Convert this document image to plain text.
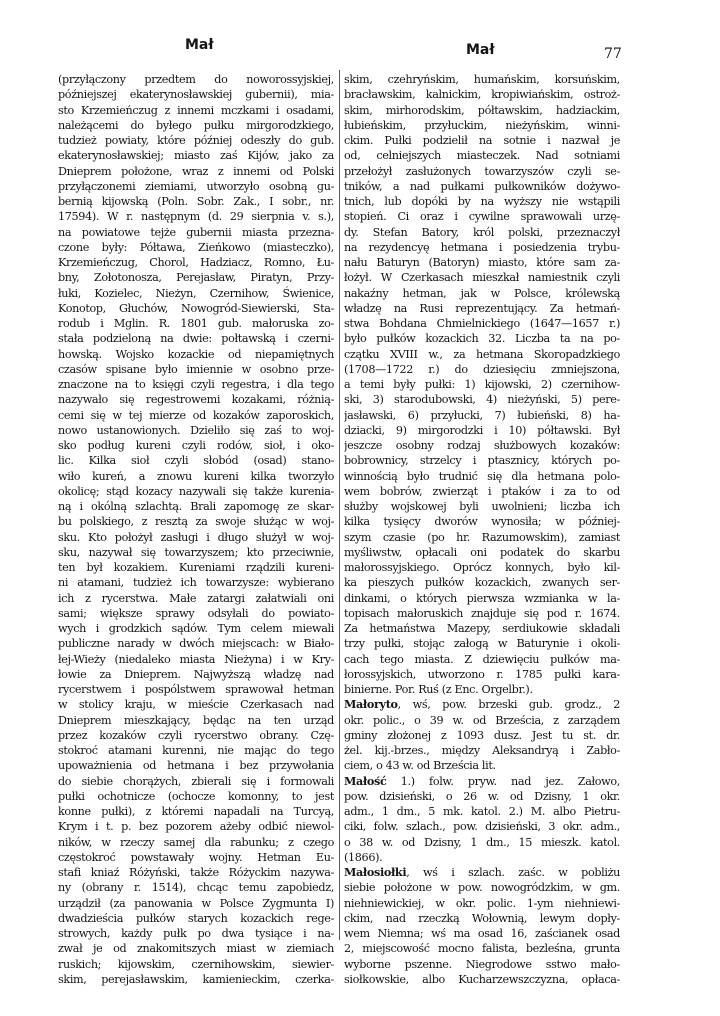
Mał	Mał	77
(przyłączony przedtem do noworossyjskiej,
późniejszej ekaterynosławskiej gubernii), mia-
sto Krzemieńczug z innemi mczkami i osadami,
należącemi do byłego pułku mirgorodzkiego,
tudzież powiaty, które później odeszły do gub.
ekaterynosławskiej; miasto zaś Kijów, jako za
Dnieprem położone, wraz z innemi od Polski
przyłączonemi ziemiami, utworzyło osobną gu-
bernią kijowską (Poln. Sobr. Zak., I sobr., nr.
17594). W r. następnym (d. 29 sierpnia v. s.),
na powiatowe tejże gubernii miasta przezna-
czone były: Półtawa, Zieńkowo (miasteczko),
Krzemieńczug, Chorol, Hadziacz, Romno, Łu-
bny, Zołotonosza, Perejasław, Piratyn, Przy-
łuki, Kozielec, Nieżyn, Czernihow, Świenice,
Konotop, Głuchów, Nowogród-Siewierski, Sta-
rodub i Mglin. R. 1801 gub. małoruska zo-
stała podzieloną na dwie: połtawską i czerni-
howską. Wojsko kozackie od niepamiętnych
czasów spisane było imiennie w osobno prze-
znaczone na to księgi czyli regestra, i dla tego
nazywało się regestrowemi kozakami, różnią-
cemi się w tej mierze od kozaków zaporoskich,
nowo ustanowionych. Dzieliło się zaś to woj-
sko podług kureni czyli rodów, sioł, i oko-
lic. Kilka sioł czyli słobód (osad) stano-
wiło kureń, a znowu kureni kilka tworzyło
okolicę; stąd kozacy nazywali się także kurenia-
ną i okólną szlachtą. Brali zapomogę ze skar-
bu polskiego, z resztą za swoje służąc w woj-
sku. Kto położył zasługi i długo służył w woj-
sku, nazywał się towarzyszem; kto przeciwnie,
ten był kozakiem. Kureniami rządzili kureni-
ni atamani, tudzież ich towarzysze: wybierano
ich z rycerstwa. Małe zatargi załatwiali oni
sami; większe sprawy odsyłali do powiato-
wych i grodzkich sądów. Tym celem miewali
publiczne narady w dwóch miejscach: w Biało-
łej-Wieży (niedaleko miasta Nieżyna) i w Kry-
łowie za Dnieprem. Najwyższą władzę nad
rycerstwem i pospólstwem sprawował hetman
w stolicy kraju, w mieście Czerkasach nad
Dnieprem mieszkający, będąc na ten urząd
przez kozaków czyli rycerstwo obrany. Czę-
stokroć atamani kurenni, nie mając do tego
upoważnienia od hetmana i bez przywołania
do siebie chorążych, zbierali się i formowali
pułki ochotnicze (ochocze komonny, to jest
konne pułki), z któremi napadali na Turcyą,
Krym i t. p. bez pozorem ażeby odbić niewol-
ników, w rzeczy samej dla rabunku; z czego
częstokroć powstawały wojny. Hetman Eu-
stafi kniaź Różyński, także Różyckim nazywa-
ny (obrany r. 1514), chcąc temu zapobiedz,
urządził (za panowania w Polsce Zygmunta I)
dwadzieścia pułków starych kozackich rege-
strowych, każdy pułk po dwa tysiące i na-
zwał je od znakomitszych miast w ziemiach
ruskich; kijowskim, czernihowskim, siewier-
skim, perejasławskim, kamienieckim, czerka-
skim, czehryńskim, humańskim, korsuńskim,
bracławskim, kalnickim, kropiwiańskim, ostroż-
skim, mirhorodskim, półtawskim, hadziackim,
łubieńskim, przyłuckim, nieżyńskim, winni-
ckim. Pułki podzielił na sotnie i nazwał je
od, celniejszych miasteczek. Nad sotniami
przełożył zasłużonych towarzyszów czyli se-
tników, a nad pułkami pułkowników dożywo-
tnich, lub dopóki by na wyższy nie wstąpili
stopień. Ci oraz i cywilne sprawowali urzę-
dy. Stefan Batory, król polski, przeznaczył
na rezydencyę hetmana i posiedzenia trybu-
nału Baturyn (Batoryn) miasto, które sam za-
łożył. W Czerkasach mieszkał namiestnik czyli
nakaźny hetman, jak w Polsce, królewską
władzę na Rusi reprezentujący. Za hetmań-
stwa Bohdana Chmielnickiego (1647—1657 r.)
było pułków kozackich 32. Liczba ta na po-
czątku XVIII w., za hetmana Skoropadzkiego
(1708—1722 r.) do dziesięciu zmniejszona,
a temi były pułki: 1) kijowski, 2) czernihow-
ski, 3) starodubowski, 4) nieżyński, 5) pere-
jasławski, 6) przyłucki, 7) łubieński, 8) ha-
dziacki, 9) mirgorodzki i 10) półtawski. Był
jeszcze osobny rodzaj służbowych kozaków:
bobrownicy, strzelcy i ptasznicy, których po-
winnością było trudnić się dla hetmana polo-
wem bobrów, zwierząt i ptaków i za to od
służby wojskowej byli uwolnieni; liczba ich
kilka tysięcy dworów wynosiła; w później-
szym czasie (po hr. Razumowskim), zamiast
myśliwstw, opłacali oni podatek do skarbu
małorossyjskiego. Oprócz konnych, było kil-
ka pieszych pułków kozackich, zwanych ser-
dinkami, o których pierwsza wzmianka w la-
topisach małoruskich znajduje się pod r. 1674.
Za hetmaństwa Mazepy, serdiukowie składali
trzy pułki, stojąc załogą w Baturynie i okoli-
cach tego miasta. Z dziewięciu pułków ma-
łorossyjskich, utworzono r. 1785 pułki kara-
binierne. Por. Ruś (z Enc. Orgelbr.).
Małoryto, wś, pow. brzeski gub. grodz., 2
okr. polic., o 39 w. od Brześcia, z zarządem
gminy złożonej z 1093 dusz. Jest tu st. dr.
żel. kij.-brzes., między Aleksandryą i Zabło-
ciem, o 43 w. od Brześcia lit.
Małość 1.) folw. pryw. nad jez. Załowo,
pow. dzisieński, o 26 w. od Dzisny, 1 okr.
adm., 1 dm., 5 mk. katol. 2.) M. albo Pietru-
ciki, folw. szlach., pow. dzisieński, 3 okr. adm.,
o 38 w. od Dzisny, 1 dm., 15 mieszk. katol.
(1866).
Małosiołki, wś i szlach. zaśc. w pobliżu
siebie położone w pow. nowogródzkim, w gm.
niehniewickiej, w okr. polic. 1-ym niehniewi-
ckim, nad rzeczką Wołownią, lewym dopły-
wem Niemna; wś ma osad 16, zaścianek osad
2, miejscowość mocno falista, bezleśna, grunta
wyborne pszenne. Niegrodowe sstwo mało-
siołkowskie, albo Kucharzewszczyzna, opłaca-
